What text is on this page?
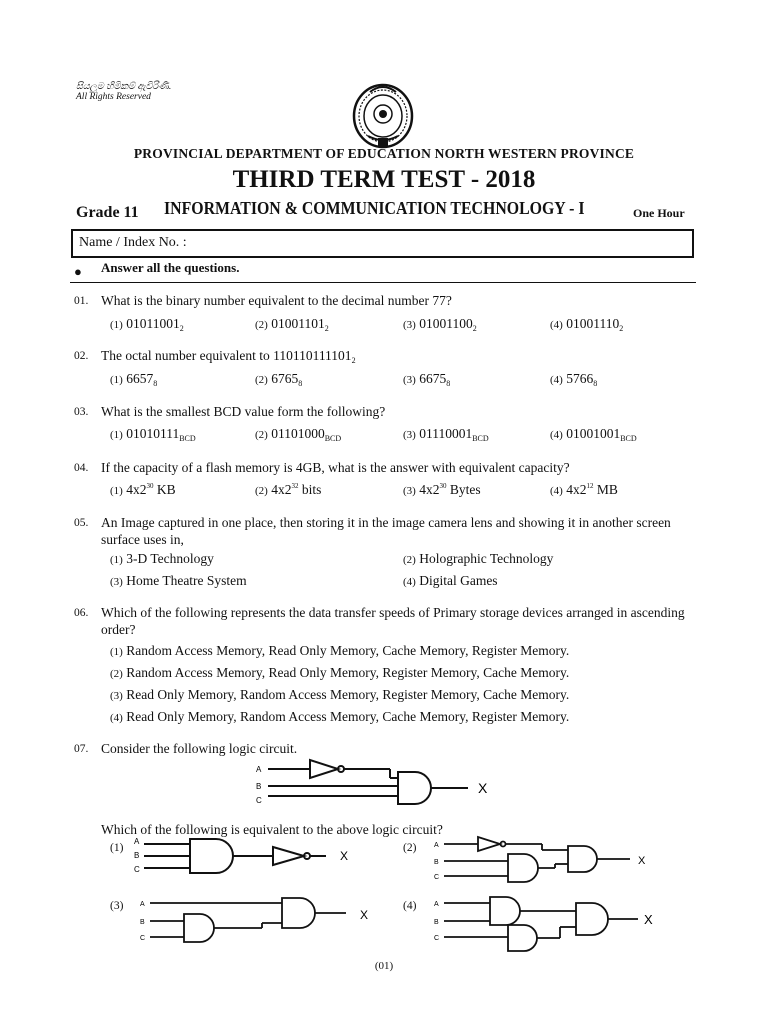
සියලුම හිමිකම් ඇවිරිණි.
All Rights Reserved
PROVINCIAL DEPARTMENT OF EDUCATION NORTH WESTERN PROVINCE
THIRD TERM TEST - 2018
Grade 11 INFORMATION & COMMUNICATION TECHNOLOGY - I	One Hour
Name / Index No. :
● Answer all the questions.
01. What is the binary number equivalent to the decimal number 77?
(1) $01011001_2$	(2) $01001101_2$	(3) $01001100_2$	(4) $01001110_2$
02. The octal number equivalent to $110110111101_2$
(1) $6657_8$	(2) $6765_8$	(3) $6675_8$	(4) $5766_8$
03. What is the smallest BCD value form the following?
(1) $01010111_{BCD}$	(2) $01101000_{BCD}$	(3) $01110001_{BCD}$	(4) $01001001_{BCD}$
04. If the capacity of a flash memory is 4GB, what is the answer with equivalent capacity?
(1) $4x2^{30}$ KB	(2) $4x2^{32}$ bits	(3) $4x2^{30}$ Bytes	(4) $4x2^{12}$ MB
05. An Image captured in one place, then storing it in the image camera lens and showing it in another screen surface uses in,
(1) 3-D Technology	(2) Holographic Technology
(3) Home Theatre System	(4) Digital Games
06. Which of the following represents the data transfer speeds of Primary storage devices arranged in ascending order?
(1) Random Access Memory, Read Only Memory, Cache Memory, Register Memory.
(2) Random Access Memory, Read Only Memory, Register Memory, Cache Memory.
(3) Read Only Memory, Random Access Memory, Register Memory, Cache Memory.
(4) Read Only Memory, Random Access Memory, Cache Memory, Register Memory.
07. Consider the following logic circuit.
A
B
C
X
Which of the following is equivalent to the above logic circuit?
(1)
A
B
C
X
(2)	A
B
C
X
(3) A
B
C
X
(4)	A
B
C
X
(01)
